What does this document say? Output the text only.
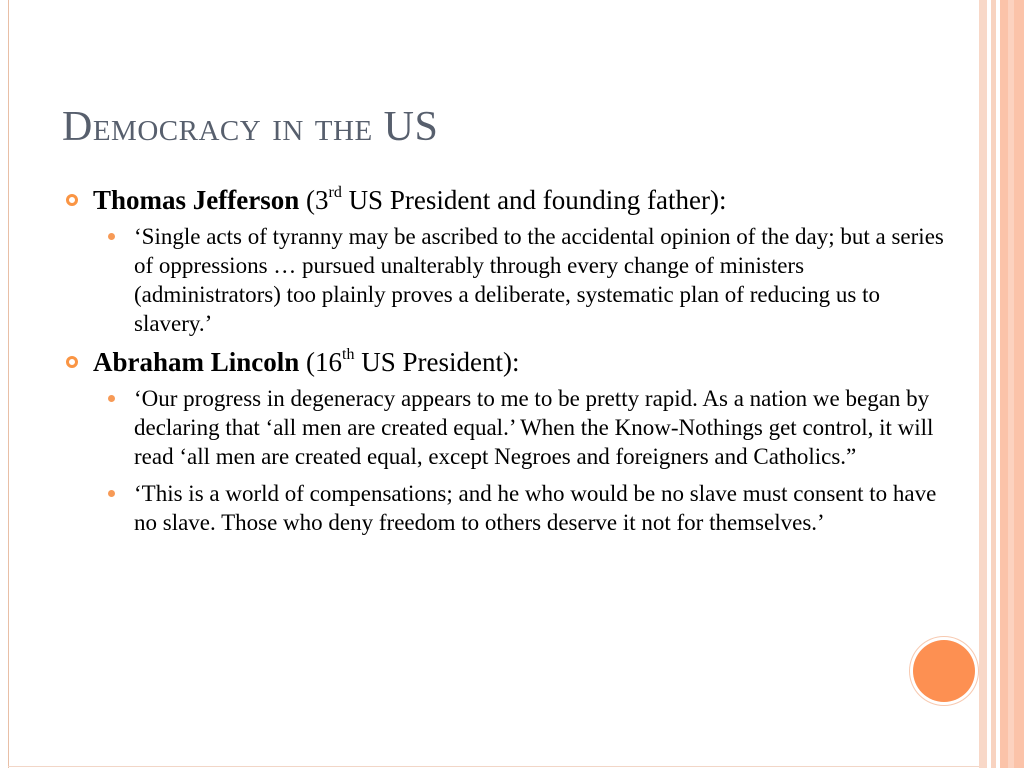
Democracy in the US
Thomas Jefferson (3rd US President and founding father):
‘Single acts of tyranny may be ascribed to the accidental opinion of the day; but a series of oppressions … pursued unalterably through every change of ministers (administrators) too plainly proves a deliberate, systematic plan of reducing us to slavery.’
Abraham Lincoln (16th US President):
‘Our progress in degeneracy appears to me to be pretty rapid. As a nation we began by declaring that ‘all men are created equal.’ When the Know-Nothings get control, it will read ‘all men are created equal, except Negroes and foreigners and Catholics.”
‘This is a world of compensations; and he who would be no slave must consent to have no slave. Those who deny freedom to others deserve it not for themselves.’
